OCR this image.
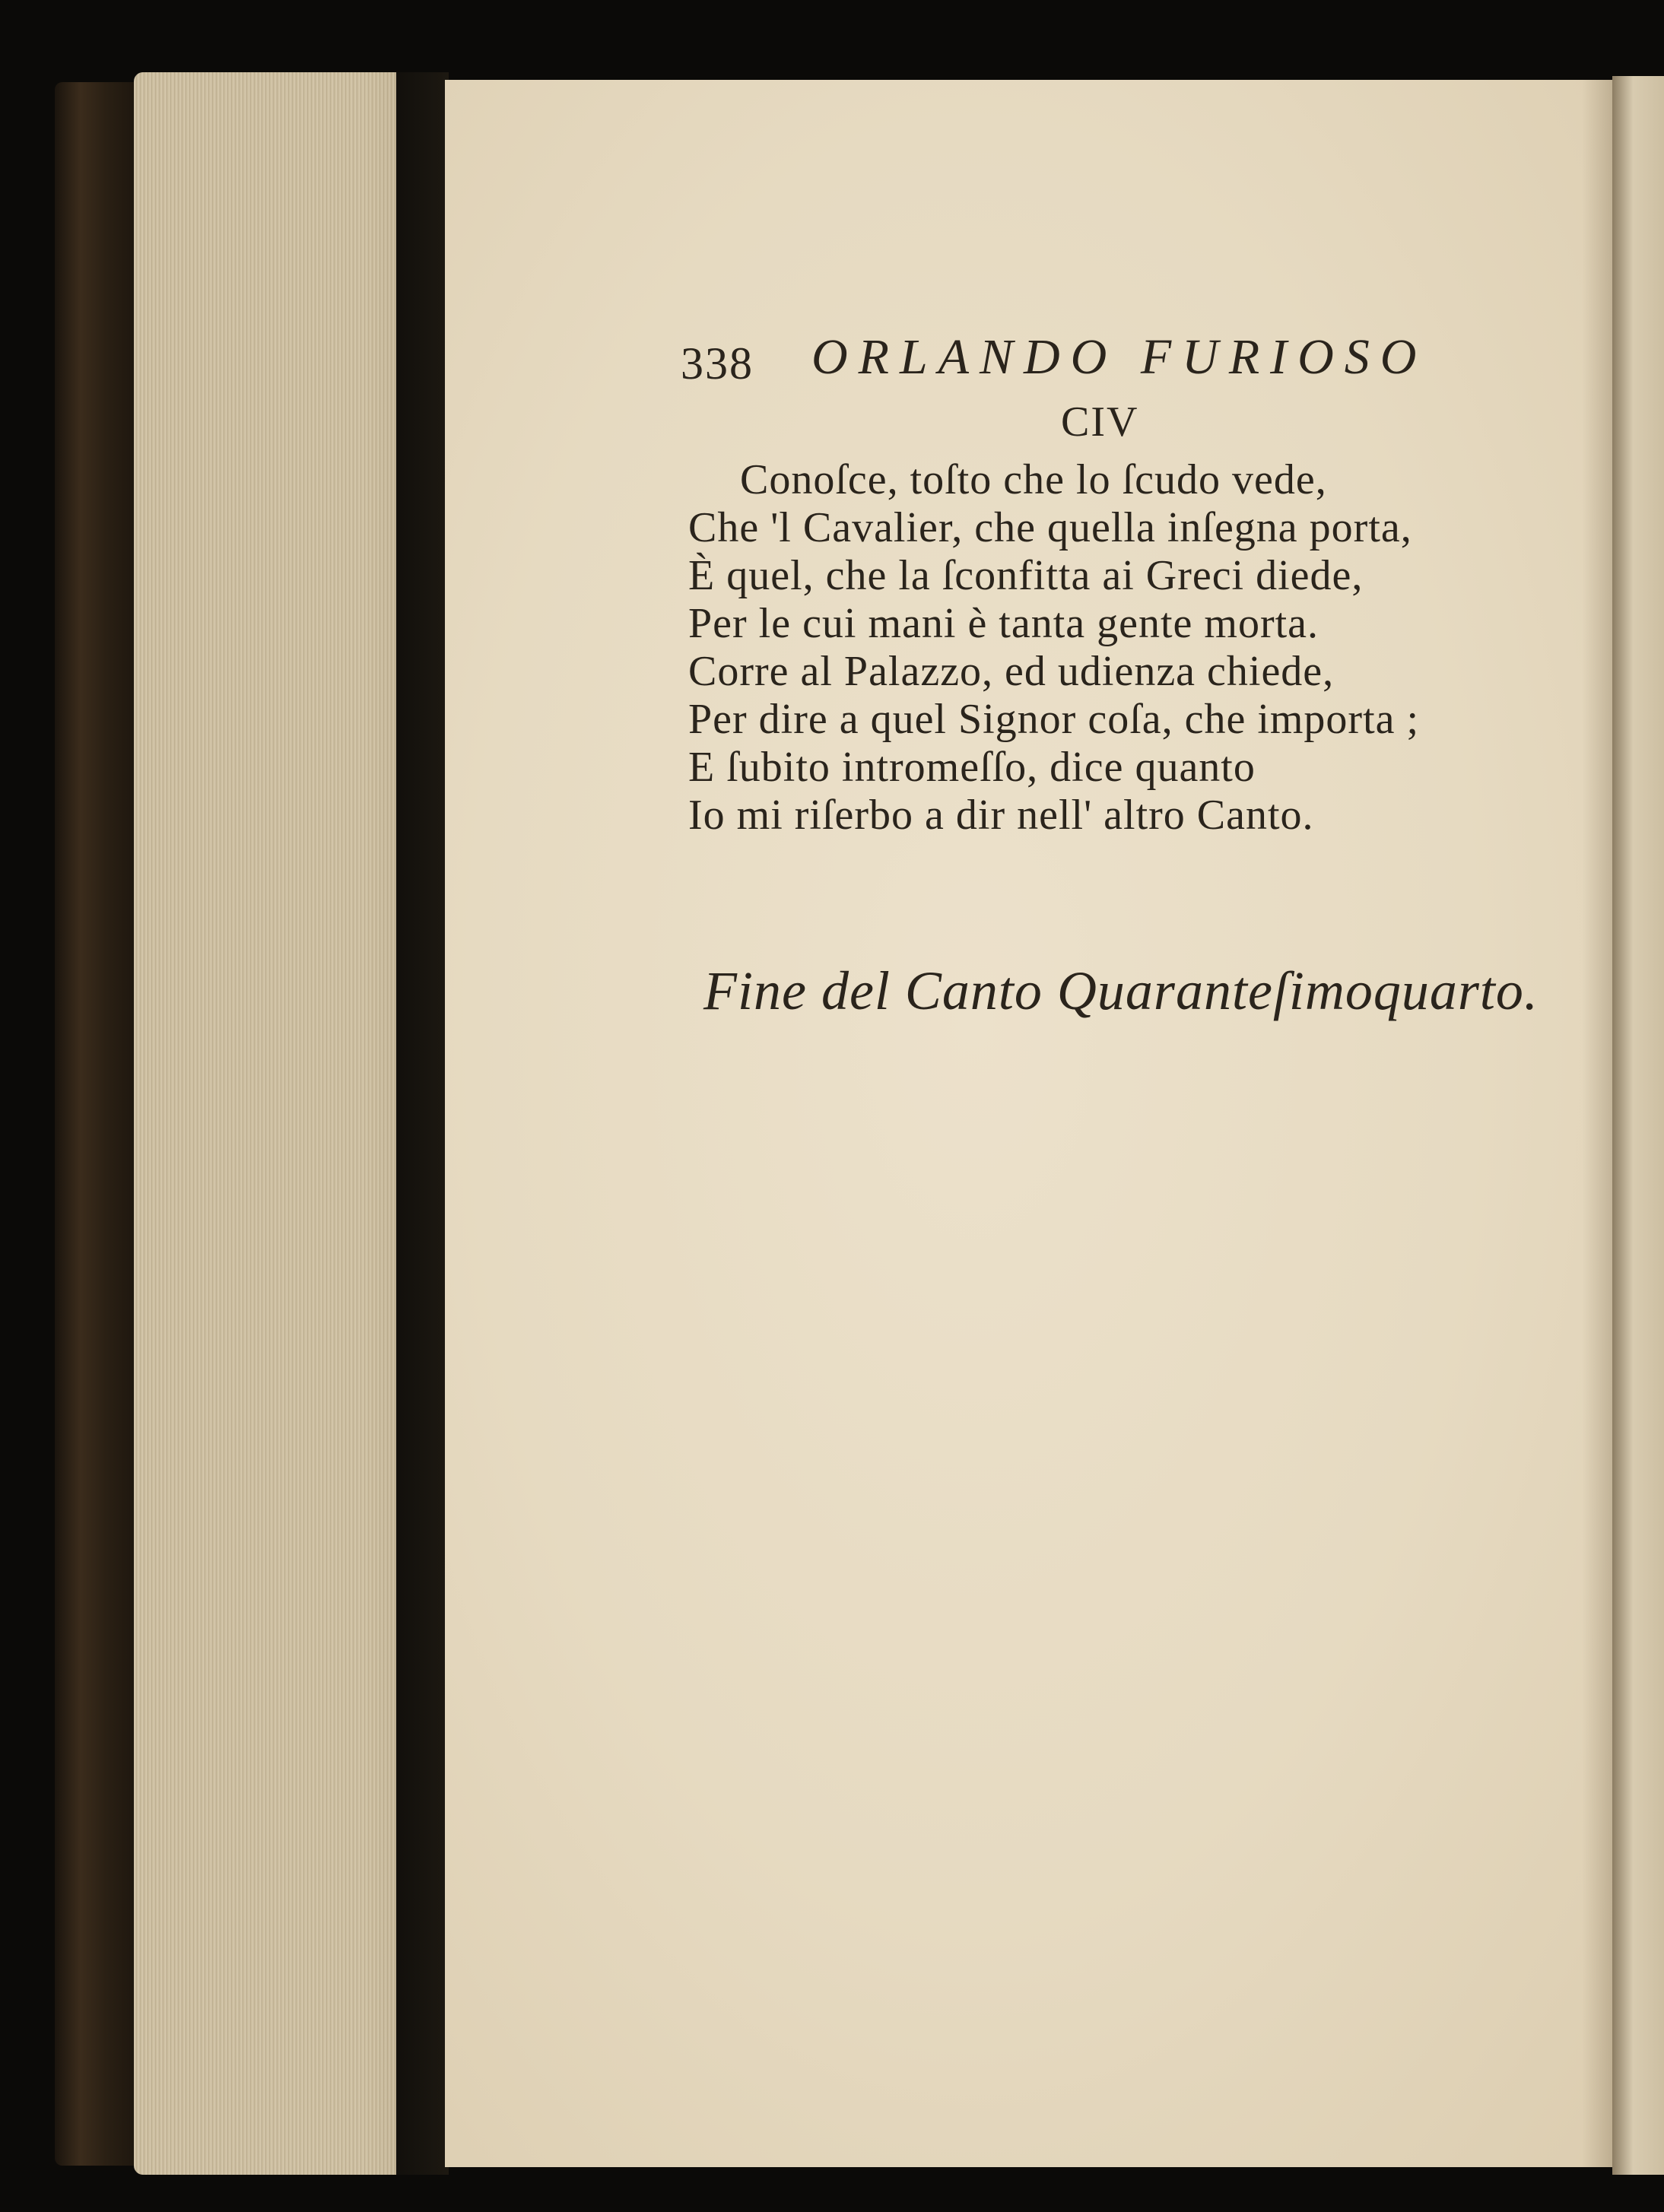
338 ORLANDO FURIOSO
CIV
Conoſce, toſto che lo ſcudo vede,
Che 'l Cavalier, che quella inſegna porta,
È quel, che la ſconfitta ai Greci diede,
Per le cui mani è tanta gente morta.
Corre al Palazzo, ed udienza chiede,
Per dire a quel Signor coſa, che importa ;
E ſubito intromeſſo, dice quanto
Io mi riſerbo a dir nell' altro Canto.
Fine del Canto Quaranteſimoquarto.
